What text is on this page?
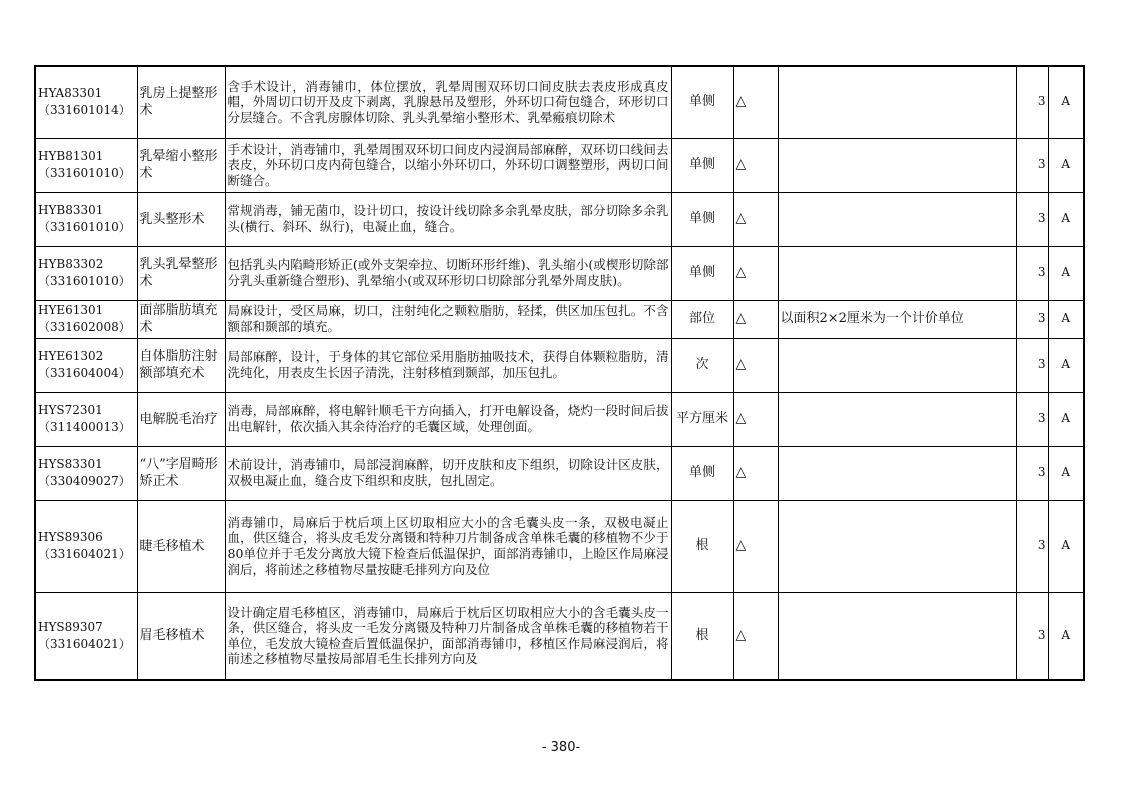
HYA83301
（331601014）	乳房上提整形术	含手术设计，消毒铺巾，体位摆放，乳晕周围双环切口间皮肤去表皮形成真皮帽，外周切口切开及皮下剥离，乳腺悬吊及塑形，外环切口荷包缝合，环形切口分层缝合。不含乳房腺体切除、乳头乳晕缩小整形术、乳晕瘢痕切除术	单侧	△		3	A

HYB81301
（331601010）	乳晕缩小整形术	手术设计，消毒铺巾，乳晕周围双环切口间皮内浸润局部麻醉，双环切口线间去表皮，外环切口皮内荷包缝合，以缩小外环切口，外环切口调整塑形，两切口间断缝合。	单侧	△		3	A

HYB83301
（331601010）	乳头整形术	常规消毒，铺无菌巾，设计切口，按设计线切除多余乳晕皮肤，部分切除多余乳头(横行、斜环、纵行)，电凝止血，缝合。	单侧	△		3	A

HYB83302
（331601010）	乳头乳晕整形术	包括乳头内陷畸形矫正(或外支架牵拉、切断环形纤维)、乳头缩小(或楔形切除部分乳头重新缝合塑形)、乳晕缩小(或双环形切口切除部分乳晕外周皮肤)。	单侧	△		3	A

HYE61301
（331602008）	面部脂肪填充术	局麻设计，受区局麻，切口，注射纯化之颗粒脂肪，轻揉，供区加压包扎。不含额部和颞部的填充。	部位	△	以面积2×2厘米为一个计价单位	3	A

HYE61302
（331604004）	自体脂肪注射额部填充术	局部麻醉，设计，于身体的其它部位采用脂肪抽吸技术，获得自体颗粒脂肪，清洗纯化，用表皮生长因子清洗，注射移植到颞部，加压包扎。	次	△		3	A

HYS72301
（311400013）	电解脱毛治疗	消毒，局部麻醉，将电解针顺毛干方向插入，打开电解设备，烧灼一段时间后拔出电解针，依次插入其余待治疗的毛囊区域，处理创面。	平方厘米	△		3	A

HYS83301
（330409027）	“八”字眉畸形矫正术	术前设计，消毒铺巾，局部浸润麻醉，切开皮肤和皮下组织，切除设计区皮肤，双极电凝止血，缝合皮下组织和皮肤，包扎固定。	单侧	△		3	A

HYS89306
（331604021）	睫毛移植术	消毒铺巾，局麻后于枕后项上区切取相应大小的含毛囊头皮一条，双极电凝止血，供区缝合，将头皮毛发分离镊和特种刀片制备成含单株毛囊的移植物不少于80单位并于毛发分离放大镜下检查后低温保护，面部消毒铺巾，上睑区作局麻浸润后，将前述之移植物尽量按睫毛排列方向及位	根	△		3	A

HYS89307
（331604021）	眉毛移植术	设计确定眉毛移植区，消毒铺巾，局麻后于枕后区切取相应大小的含毛囊头皮一条，供区缝合，将头皮一毛发分离镊及特种刀片制备成含单株毛囊的移植物若干单位，毛发放大镜检查后置低温保护，面部消毒铺巾，移植区作局麻浸润后，将前述之移植物尽量按局部眉毛生长排列方向及	根	△		3	A
- 380-
